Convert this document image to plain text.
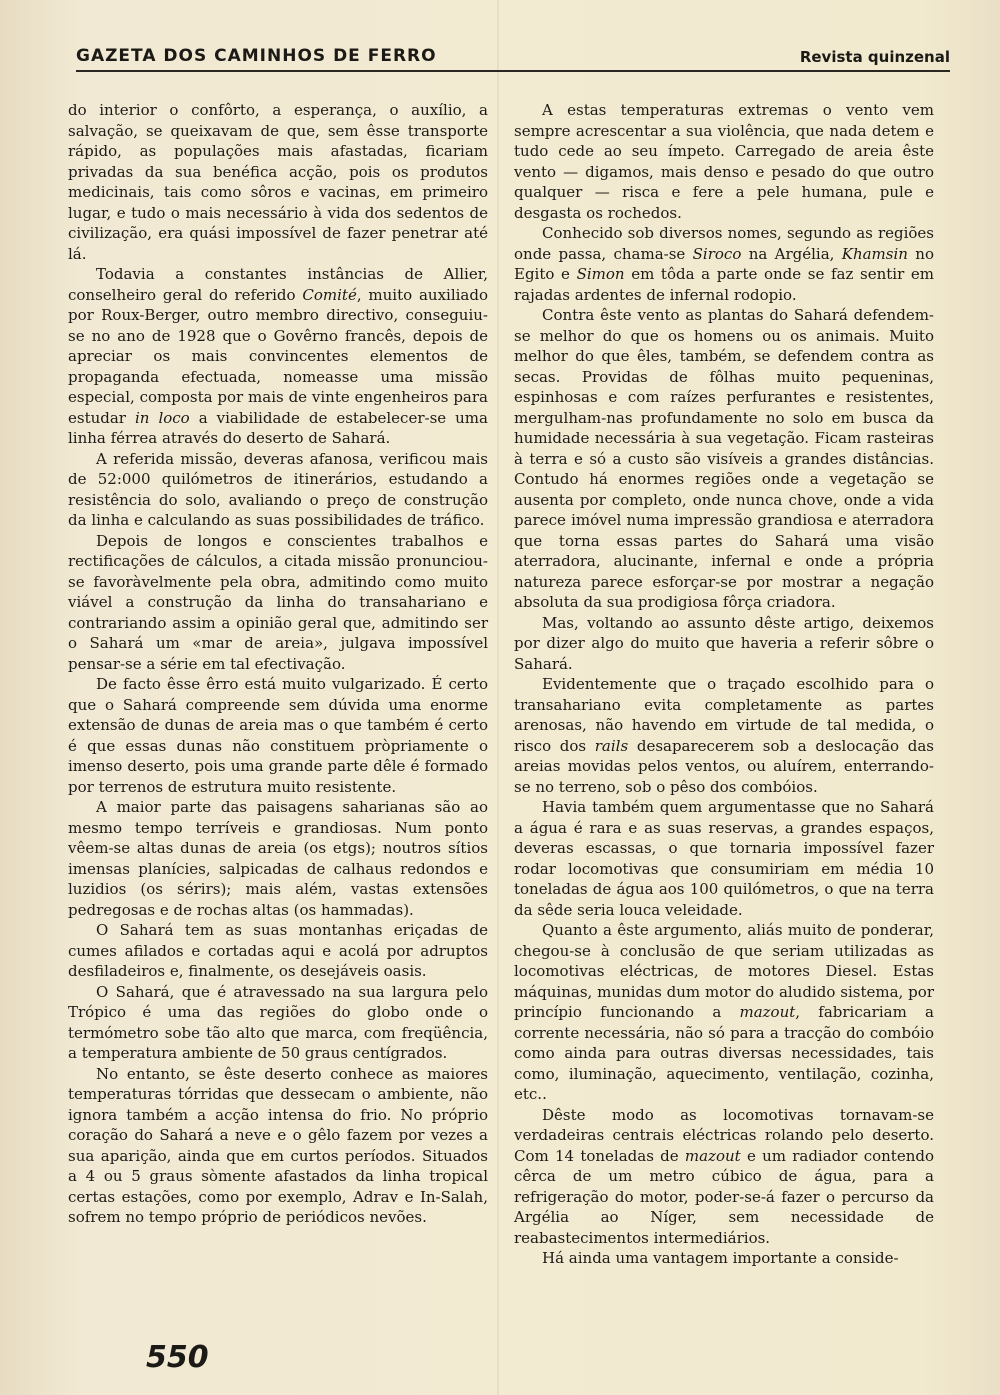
GAZETA DOS CAMINHOS DE FERRO	Revista quinzenal

do interior o confôrto, a esperança, o auxílio, a salvação, se queixavam de que, sem êsse transporte rápido, as populações mais afastadas, ficariam privadas da sua benéfica acção, pois os produtos medicinais, tais como sôros e vacinas, em primeiro lugar, e tudo o mais necessário à vida dos sedentos de civilização, era quási impossível de fazer penetrar até lá.

Todavia a constantes instâncias de Allier, conselheiro geral do referido Comité, muito auxiliado por Roux-Berger, outro membro directivo, conseguiu-se no ano de 1928 que o Govêrno francês, depois de apreciar os mais convincentes elementos de propaganda efectuada, nomeasse uma missão especial, composta por mais de vinte engenheiros para estudar in loco a viabilidade de estabelecer-se uma linha férrea através do deserto de Sahará.

A referida missão, deveras afanosa, verificou mais de 52:000 quilómetros de itinerários, estudando a resistência do solo, avaliando o preço de construção da linha e calculando as suas possibilidades de tráfico.

Depois de longos e conscientes trabalhos e rectificações de cálculos, a citada missão pronunciou-se favoràvelmente pela obra, admitindo como muito viável a construção da linha do transahariano e contrariando assim a opinião geral que, admitindo ser o Sahará um «mar de areia», julgava impossível pensar-se a série em tal efectivação.

De facto êsse êrro está muito vulgarizado. É certo que o Sahará compreende sem dúvida uma enorme extensão de dunas de areia mas o que também é certo é que essas dunas não constituem pròpriamente o imenso deserto, pois uma grande parte dêle é formado por terrenos de estrutura muito resistente.

A maior parte das paisagens saharianas são ao mesmo tempo terríveis e grandiosas. Num ponto vêem-se altas dunas de areia (os etgs); noutros sítios imensas planícies, salpicadas de calhaus redondos e luzidios (os sérirs); mais além, vastas extensões pedregosas e de rochas altas (os hammadas).

O Sahará tem as suas montanhas eriçadas de cumes afilados e cortadas aqui e acolá por adruptos desfiladeiros e, finalmente, os desejáveis oasis.

O Sahará, que é atravessado na sua largura pelo Trópico é uma das regiões do globo onde o termómetro sobe tão alto que marca, com freqüência, a temperatura ambiente de 50 graus centígrados.

No entanto, se êste deserto conhece as maiores temperaturas tórridas que dessecam o ambiente, não ignora também a acção intensa do frio. No próprio coração do Sahará a neve e o gêlo fazem por vezes a sua aparição, ainda que em curtos períodos. Situados a 4 ou 5 graus sòmente afastados da linha tropical certas estações, como por exemplo, Adrav e In-Salah, sofrem no tempo próprio de periódicos nevões.

A estas temperaturas extremas o vento vem sempre acrescentar a sua violência, que nada detem e tudo cede ao seu ímpeto. Carregado de areia êste vento — digamos, mais denso e pesado do que outro qualquer — risca e fere a pele humana, pule e desgasta os rochedos.

Conhecido sob diversos nomes, segundo as regiões onde passa, chama-se Siroco na Argélia, Khamsin no Egito e Simon em tôda a parte onde se faz sentir em rajadas ardentes de infernal rodopio.

Contra êste vento as plantas do Sahará defendem-se melhor do que os homens ou os animais. Muito melhor do que êles, também, se defendem contra as secas. Providas de fôlhas muito pequeninas, espinhosas e com raízes perfurantes e resistentes, mergulham-nas profundamente no solo em busca da humidade necessária à sua vegetação. Ficam rasteiras à terra e só a custo são visíveis a grandes distâncias. Contudo há enormes regiões onde a vegetação se ausenta por completo, onde nunca chove, onde a vida parece imóvel numa impressão grandiosa e aterradora que torna essas partes do Sahará uma visão aterradora, alucinante, infernal e onde a própria natureza parece esforçar-se por mostrar a negação absoluta da sua prodigiosa fôrça criadora.

Mas, voltando ao assunto dêste artigo, deixemos por dizer algo do muito que haveria a referir sôbre o Sahará.

Evidentemente que o traçado escolhido para o transahariano evita completamente as partes arenosas, não havendo em virtude de tal medida, o risco dos rails desaparecerem sob a deslocação das areias movidas pelos ventos, ou aluírem, enterrando-se no terreno, sob o pêso dos combóios.

Havia também quem argumentasse que no Sahará a água é rara e as suas reservas, a grandes espaços, deveras escassas, o que tornaria impossível fazer rodar locomotivas que consumiriam em média 10 toneladas de água aos 100 quilómetros, o que na terra da sêde seria louca veleidade.

Quanto a êste argumento, aliás muito de ponderar, chegou-se à conclusão de que seriam utilizadas as locomotivas eléctricas, de motores Diesel. Estas máquinas, munidas dum motor do aludido sistema, por princípio funcionando a mazout, fabricariam a corrente necessária, não só para a tracção do combóio como ainda para outras diversas necessidades, tais como, iluminação, aquecimento, ventilação, cozinha, etc..

Dêste modo as locomotivas tornavam-se verdadeiras centrais eléctricas rolando pelo deserto. Com 14 toneladas de mazout e um radiador contendo cêrca de um metro cúbico de água, para a refrigeração do motor, poder-se-á fazer o percurso da Argélia ao Níger, sem necessidade de reabastecimentos intermediários.

Há ainda uma vantagem importante a conside-

550
